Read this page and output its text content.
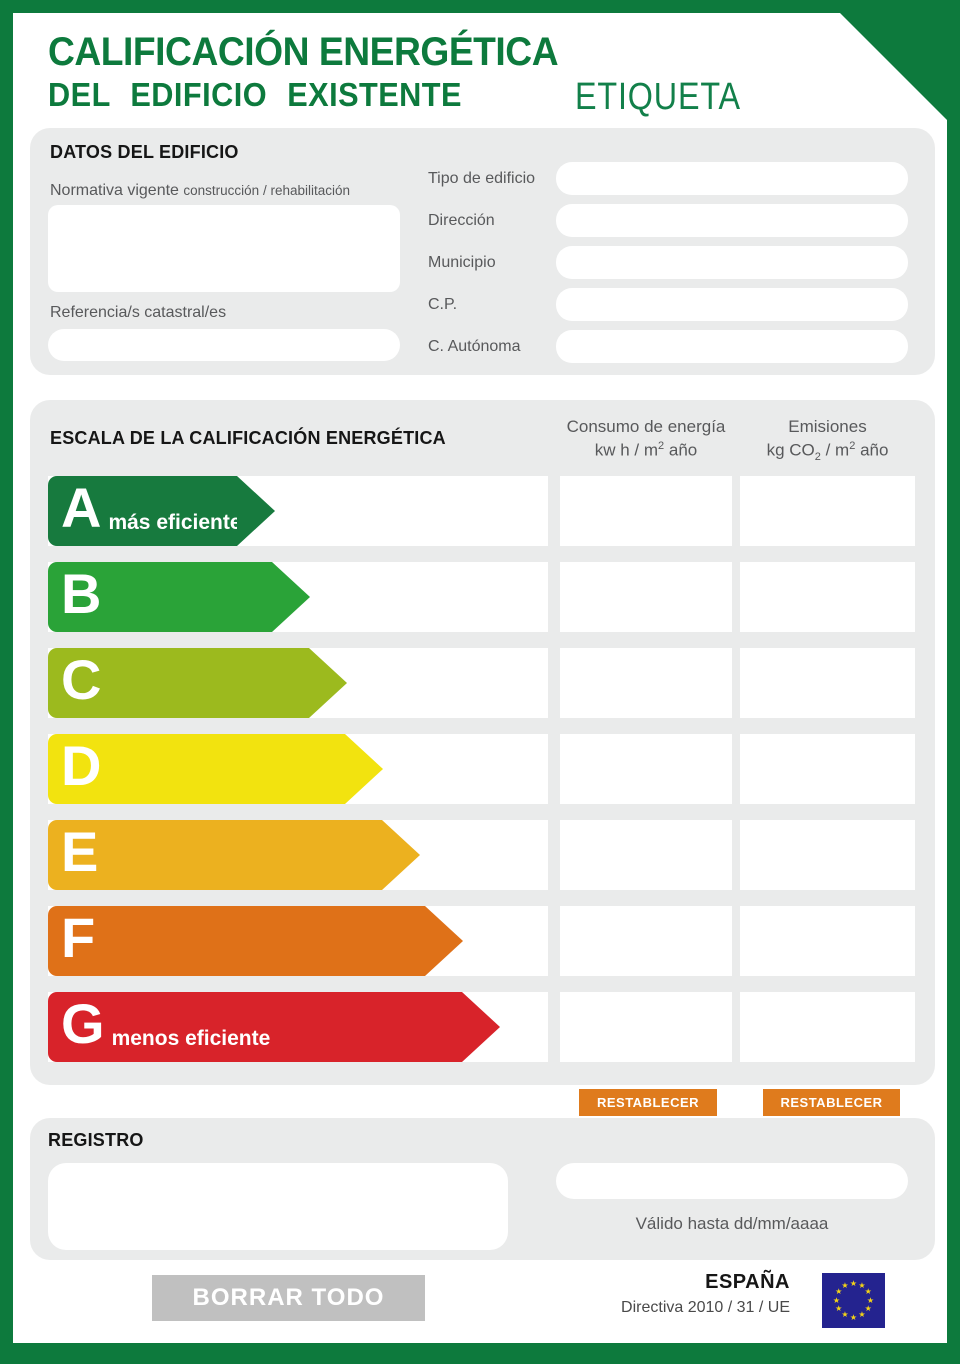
CALIFICACIÓN ENERGÉTICA
DEL EDIFICIO EXISTENTE	ETIQUETA
DATOS DEL EDIFICIO
Normativa vigente construcción / rehabilitación
Referencia/s catastral/es
Tipo de edificio
Dirección
Municipio
C.P.
C. Autónoma
ESCALA DE LA CALIFICACIÓN ENERGÉTICA
Consumo de energía
kw h / $m^2$ año
Emisiones
kg $CO_2 / m^2$ año
A más eficiente
B
C
D
E
F
G menos eficiente
RESTABLECER	RESTABLECER
REGISTRO
Válido hasta dd/mm/aaaa
BORRAR TODO
ESPAÑA
Directiva 2010 / 31 / UE
★ ★
★
★
★
★
★
★
★
★
★
★
